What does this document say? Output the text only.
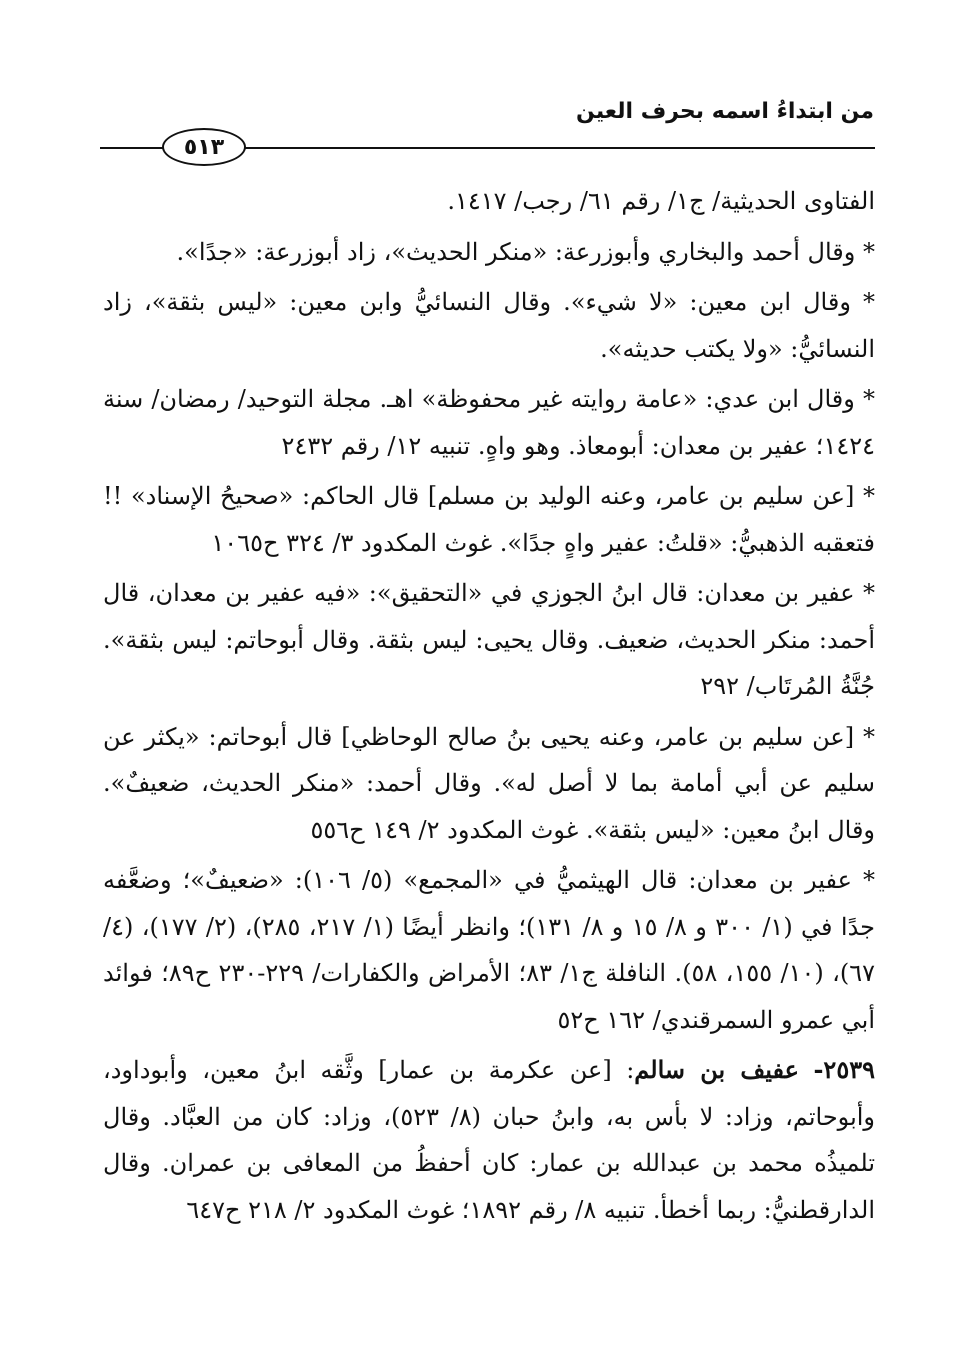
من ابتداءُ اسمه بحرف العين
٥١٣

الفتاوى الحديثية/ ج١/ رقم ٦١/ رجب/ ١٤١٧.

* وقال أحمد والبخاري وأبوزرعة: «منكر الحديث»، زاد أبوزرعة: «جدًا».

* وقال ابن معين: «لا شيء». وقال النسائيُّ وابن معين: «ليس بثقة»، زاد النسائيُّ: «ولا يكتب حديثه».

* وقال ابن عدي: «عامة روايته غير محفوظة» اهـ. مجلة التوحيد/ رمضان/ سنة ١٤٢٤؛ عفير بن معدان: أبومعاذ. وهو واهٍ. تنبيه ١٢/ رقم ٢٤٣٢

* [عن سليم بن عامر، وعنه الوليد بن مسلم] قال الحاكم: «صحيحُ الإسناد» !! فتعقبه الذهبيُّ: «قلتُ: عفير واهٍ جدًا». غوث المكدود ٣/ ٣٢٤ ح١٠٦٥

* عفير بن معدان: قال ابنُ الجوزي في «التحقيق»: «فيه عفير بن معدان، قال أحمد: منكر الحديث، ضعيف. وقال يحيى: ليس بثقة. وقال أبوحاتم: ليس بثقة». جُنَّةُ المُرتَاب/ ٢٩٢

* [عن سليم بن عامر، وعنه يحيى بنُ صالح الوحاظي] قال أبوحاتم: «يكثر عن سليم عن أبي أمامة بما لا أصل له». وقال أحمد: «منكر الحديث، ضعيفٌ». وقال ابنُ معين: «ليس بثقة». غوث المكدود ٢/ ١٤٩ ح٥٥٦

* عفير بن معدان: قال الهيثميُّ في «المجمع» (٥/ ١٠٦): «ضعيفٌ»؛ وضعَّفه جدًا في (١/ ٣٠٠ و ٨/ ١٥ و ٨/ ١٣١)؛ وانظر أيضًا (١/ ٢١٧، ٢٨٥)، (٢/ ١٧٧)، (٤/ ٦٧)، (١٠/ ١٥٥، ٥٨). النافلة ج١/ ٨٣؛ الأمراض والكفارات/ ٢٢٩-٢٣٠ ح٨٩؛ فوائد أبي عمرو السمرقندي/ ١٦٢ ح٥٢

٢٥٣٩- عفيف بن سالم: [عن عكرمة بن عمار] وثَّقه ابنُ معين، وأبوداود، وأبوحاتم، وزاد: لا بأس به، وابنُ حبان (٨/ ٥٢٣)، وزاد: كان من العبَّاد. وقال تلميذُه محمد بن عبدالله بن عمار: كان أحفظُ من المعافى بن عمران. وقال الدارقطنيُّ: ربما أخطأ. تنبيه ٨/ رقم ١٨٩٢؛ غوث المكدود ٢/ ٢١٨ ح٦٤٧
